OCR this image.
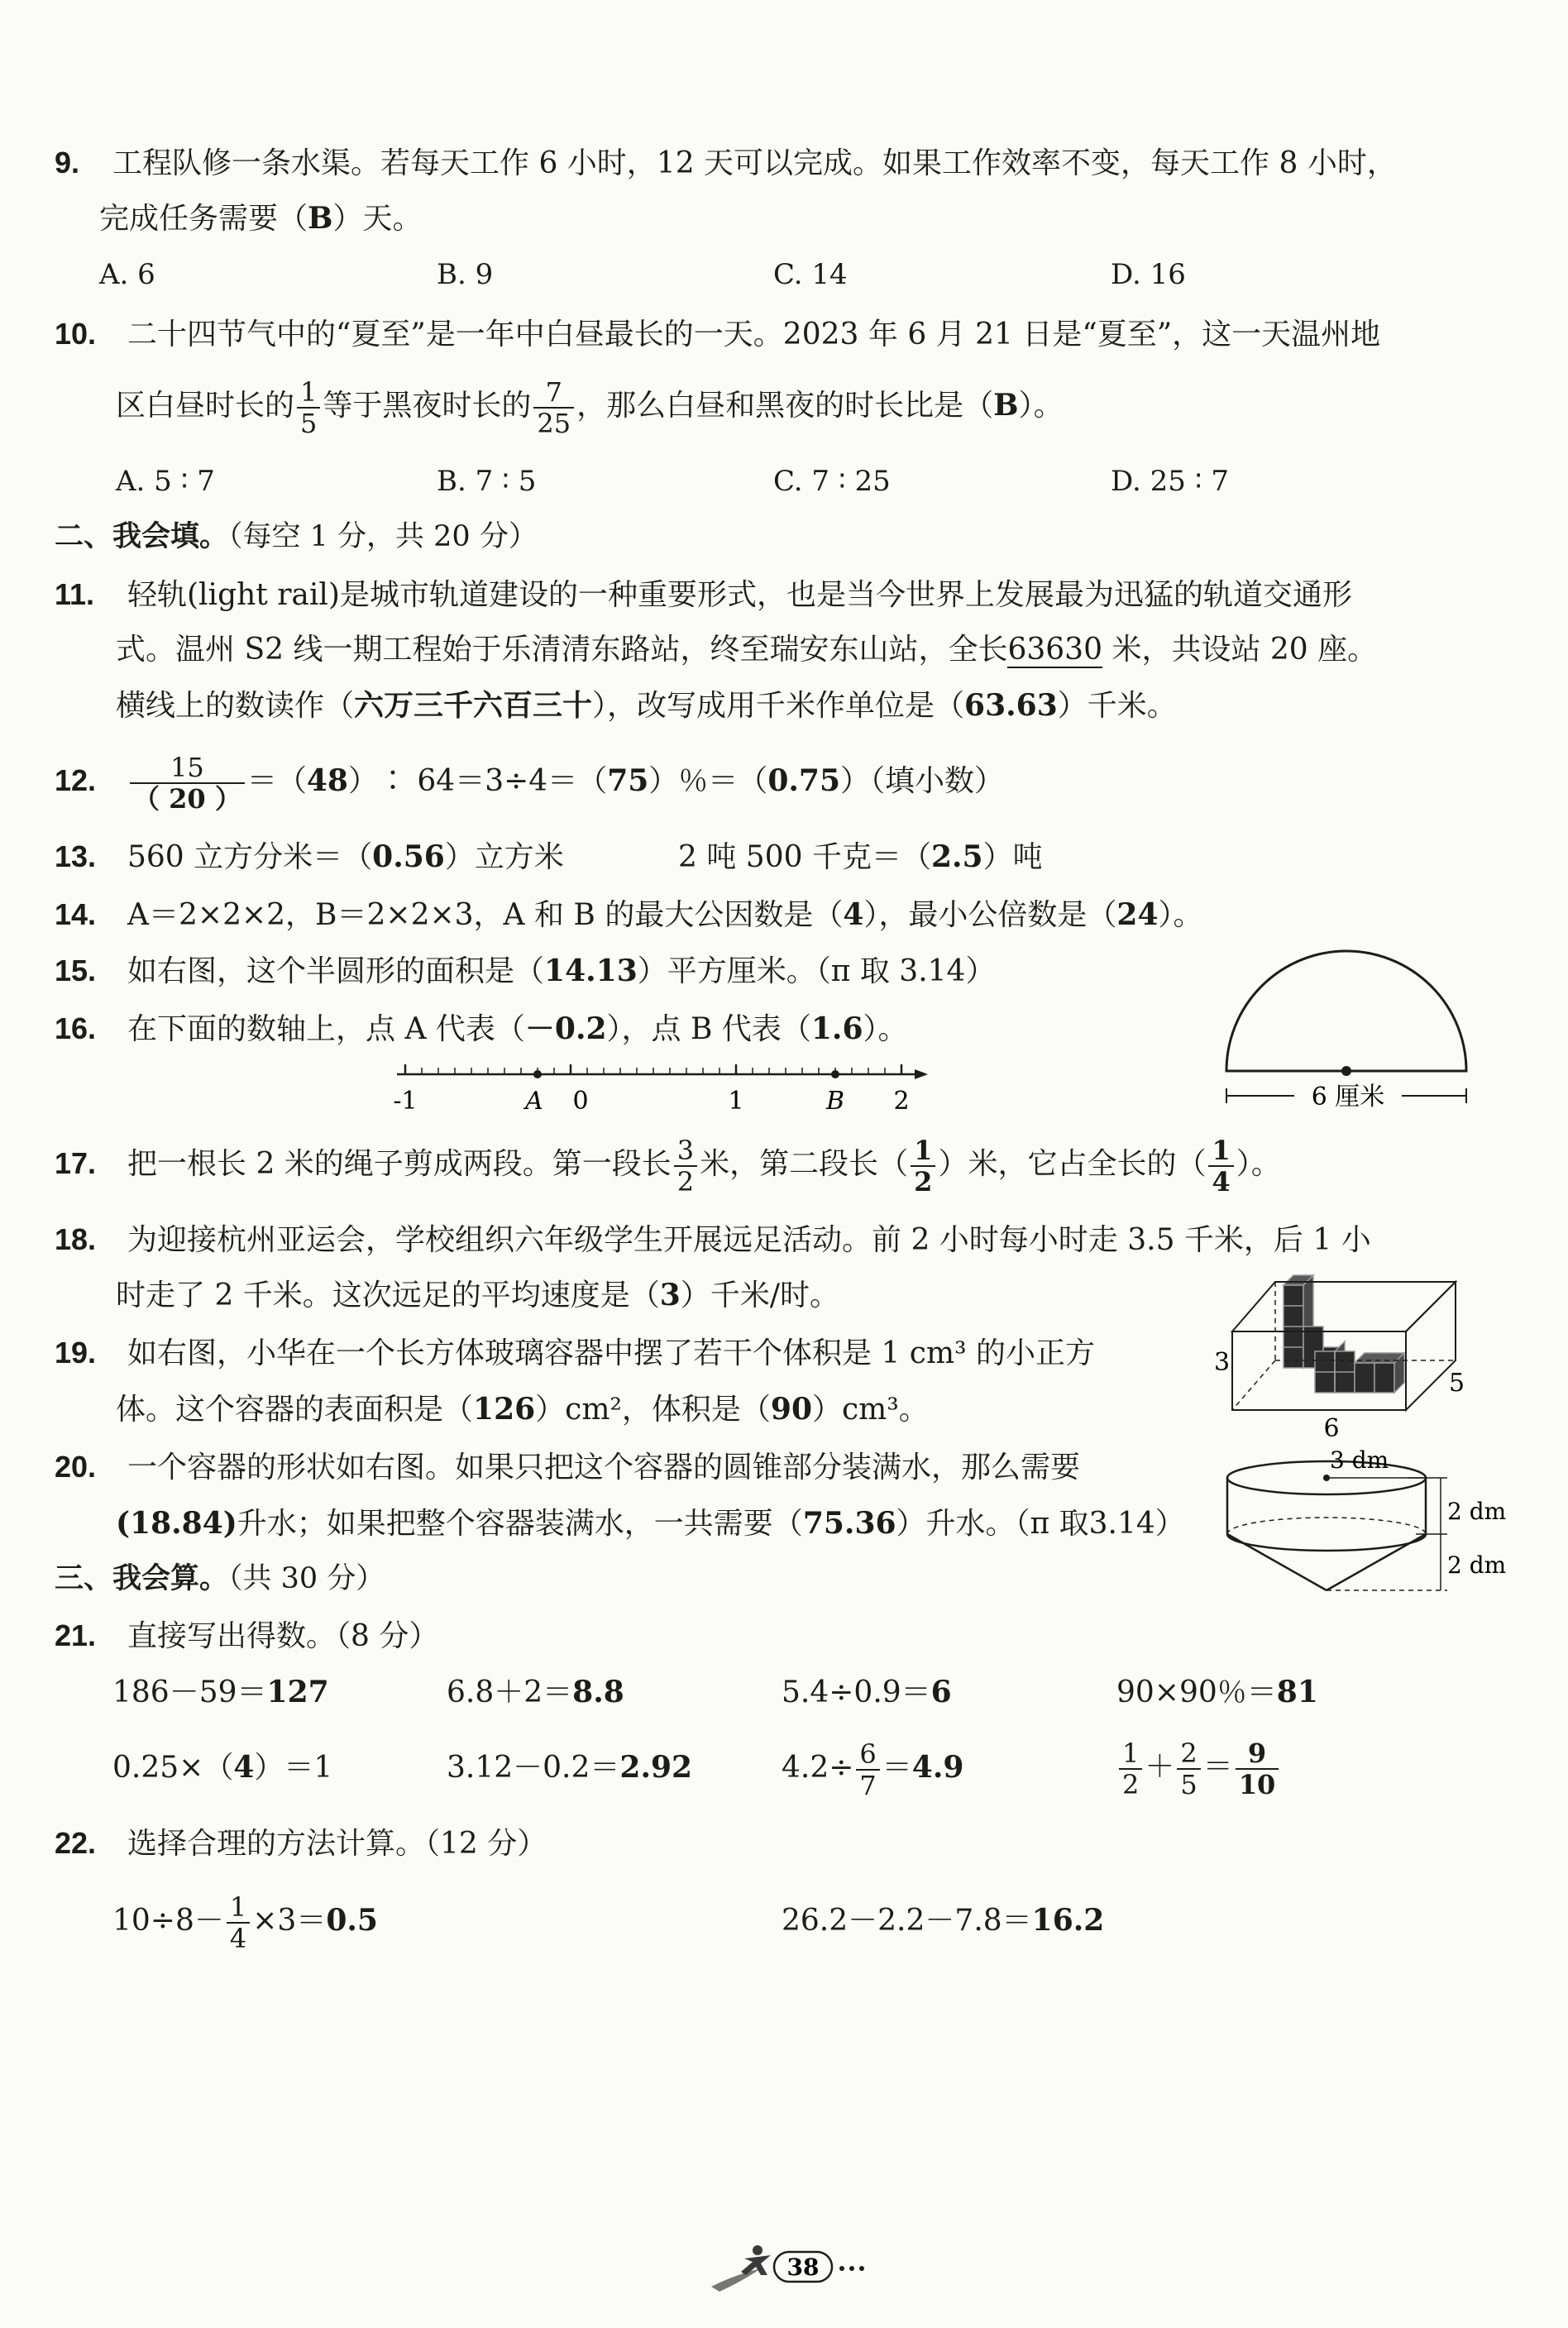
9. 工程队修一条水渠。若每天工作 6 小时，12 天可以完成。如果工作效率不变，每天工作 8 小时，
完成任务需要（B）天。
A. 6	B. 9	C. 14	D. 16
10. 二十四节气中的“夏至”是一年中白昼最长的一天。2023 年 6 月 21 日是“夏至”，这一天温州地
区白昼时长的 $\frac{1}{5}$ 等于黑夜时长的 $\frac{7}{25}$ ，那么白昼和黑夜的时长比是（B）。
A. 5 ∶ 7	B. 7 ∶ 5	C. 7 ∶ 25	D. 25 ∶ 7
二、我会填。（每空 1 分，共 20 分）
11. 轻轨(light rail)是城市轨道建设的一种重要形式，也是当今世界上发展最为迅猛的轨道交通形
式。温州 S2 线一期工程始于乐清清东路站，终至瑞安东山站，全长63630 米，共设站 20 座。
横线上的数读作（六万三千六百三十），改写成用千米作单位是（63.63）千米。
12. $\frac{15}{( 20 )}$ ＝（48）∶ 64＝3÷4＝（75）％＝（0.75）（填小数）
13. 560 立方分米＝（0.56）立方米	2 吨 500 千克＝（2.5）吨
14. A＝2×2×2，B＝2×2×3，A 和 B 的最大公因数是（4），最小公倍数是（24）。
15. 如右图，这个半圆形的面积是（14.13）平方厘米。（π 取 3.14）
6 厘米
16. 在下面的数轴上，点 A 代表（－0.2），点 B 代表（1.6）。
-1	0	1	2
A	B
17. 把一根长 2 米的绳子剪成两段。第一段长 $\frac{3}{2}$ 米，第二段长（ $\frac{1}{2}$ ）米，它占全长的（ $\frac{1}{4}$ ）。
18. 为迎接杭州亚运会，学校组织六年级学生开展远足活动。前 2 小时每小时走 3.5 千米，后 1 小
时走了 2 千米。这次远足的平均速度是（3）千米/时。
19. 如右图，小华在一个长方体玻璃容器中摆了若干个体积是 1 cm³ 的小正方
体。这个容器的表面积是（126）cm²，体积是（90）cm³。
3
6
5
20. 一个容器的形状如右图。如果只把这个容器的圆锥部分装满水，那么需要
(18.84)升水；如果把整个容器装满水，一共需要（75.36）升水。（π 取3.14）
3 dm
2 dm
2 dm
三、我会算。（共 30 分）
21. 直接写出得数。（8 分）
186－59＝127	6.8＋2＝8.8	5.4÷0.9＝6	90×90％＝81
0.25×（4）＝1	3.12－0.2＝2.92	$4.2\div \frac{6}{7} =4.9$	$\frac{1}{2} + \frac{2}{5} = \frac{9}{10}$
22. 选择合理的方法计算。（12 分）
$10\div 8- \frac{1}{4} \times 3=0.5$	26.2－2.2－7.8＝16.2
38
